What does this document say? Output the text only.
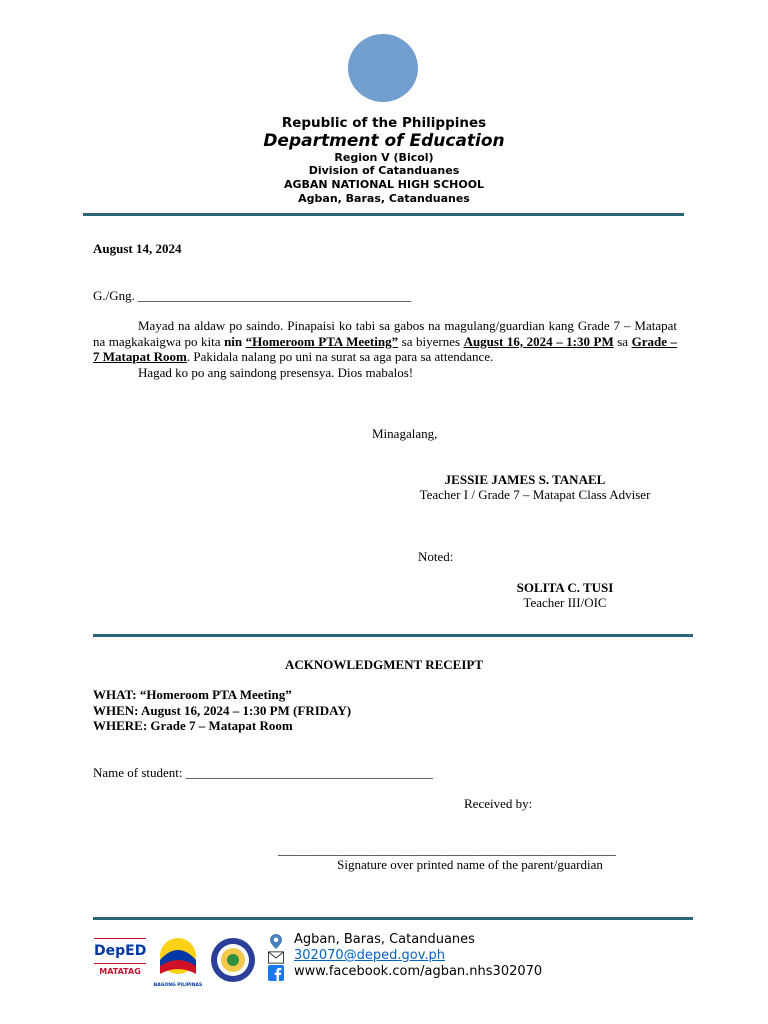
Republic of the Philippines
Department of Education
Region V (Bicol)
Division of Catanduanes
AGBAN NATIONAL HIGH SCHOOL
Agban, Baras, Catanduanes
August 14, 2024
G./Gng. __________________________________________

Mayad na aldaw po saindo. Pinapaisi ko tabi sa gabos na magulang/guardian kang Grade 7 – Matapat na magkakaigwa po kita nin “Homeroom PTA Meeting” sa biyernes August 16, 2024 – 1:30 PM sa Grade – 7 Matapat Room. Pakidala nalang po uni na surat sa aga para sa attendance.

Hagad ko po ang saindong presensya. Dios mabalos!

Minagalang,
JESSIE JAMES S. TANAEL
Teacher I / Grade 7 – Matapat Class Adviser
Noted:
SOLITA C. TUSI
Teacher III/OIC
ACKNOWLEDGMENT RECEIPT
WHAT: “Homeroom PTA Meeting”
WHEN: August 16, 2024 – 1:30 PM (FRIDAY)
WHERE: Grade 7 – Matapat Room
Name of student: ______________________________________
Received by:
____________________________________________________
Signature over printed name of the parent/guardian
DepED
MATATAG
BAGONG PILIPINAS
Agban, Baras, Catanduanes
302070@deped.gov.ph
www.facebook.com/agban.nhs302070
